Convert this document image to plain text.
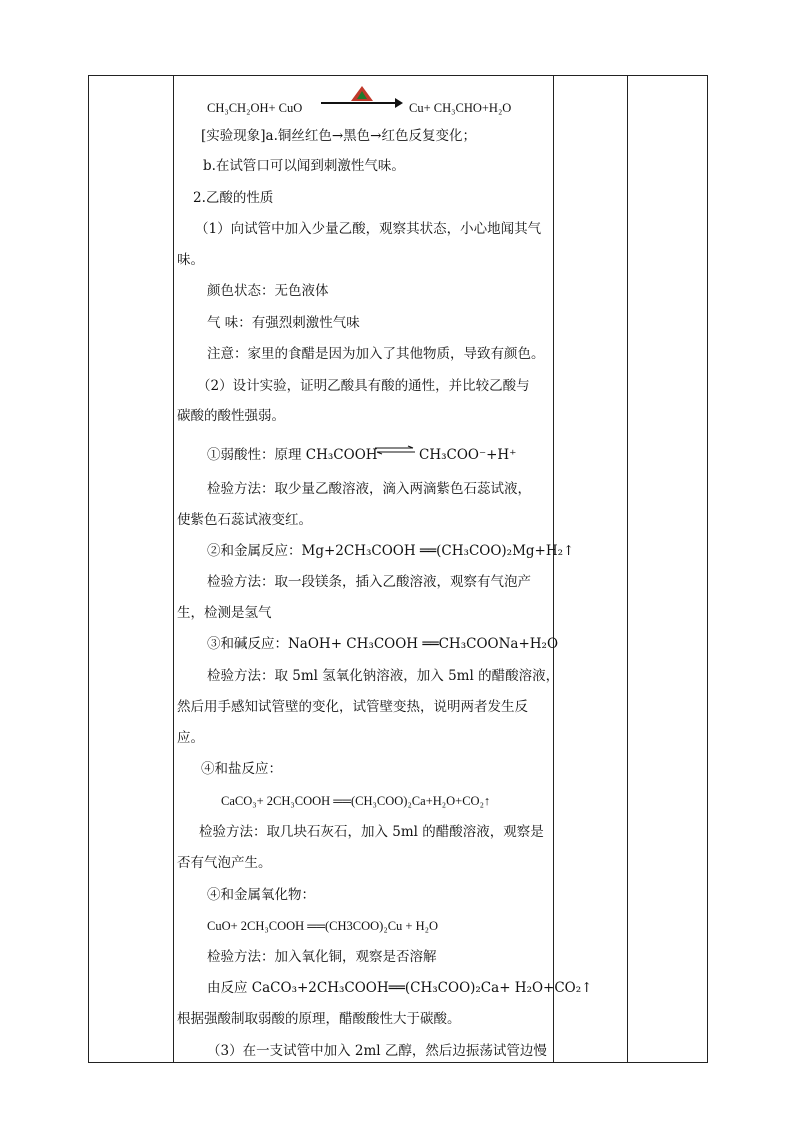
CH₃CH₂OH+ CuO	Cu+ CH₃CHO+H₂O
[实验现象]a.铜丝红色→黑色→红色反复变化；
b.在试管口可以闻到刺激性气味。
2.乙酸的性质
（1）向试管中加入少量乙酸，观察其状态，小心地闻其气
味。
颜色状态：无色液体
气 味：有强烈刺激性气味
注意：家里的食醋是因为加入了其他物质，导致有颜色。
（2）设计实验，证明乙酸具有酸的通性，并比较乙酸与
碳酸的酸性强弱。
①弱酸性：原理 CH₃COOH ⇌ CH₃COO⁻+H⁺
检验方法：取少量乙酸溶液，滴入两滴紫色石蕊试液，
使紫色石蕊试液变红。
②和金属反应：Mg+2CH₃COOH ══(CH₃COO)₂Mg+H₂↑
检验方法：取一段镁条，插入乙酸溶液，观察有气泡产
生，检测是氢气
③和碱反应：NaOH+ CH₃COOH ══CH₃COONa+H₂O
检验方法：取 5ml 氢氧化钠溶液，加入 5ml 的醋酸溶液，
然后用手感知试管壁的变化，试管壁变热，说明两者发生反
应。
④和盐反应：
CaCO₃+ 2CH₃COOH ══(CH₃COO)₂Ca+H₂O+CO₂↑
检验方法：取几块石灰石，加入 5ml 的醋酸溶液，观察是
否有气泡产生。
④和金属氧化物：
CuO+ 2CH₃COOH ══(CH3COO)₂Cu + H₂O
检验方法：加入氧化铜，观察是否溶解
由反应 CaCO₃+2CH₃COOH══(CH₃COO)₂Ca+ H₂O+CO₂↑
根据强酸制取弱酸的原理，醋酸酸性大于碳酸。
（3）在一支试管中加入 2ml 乙醇，然后边振荡试管边慢
